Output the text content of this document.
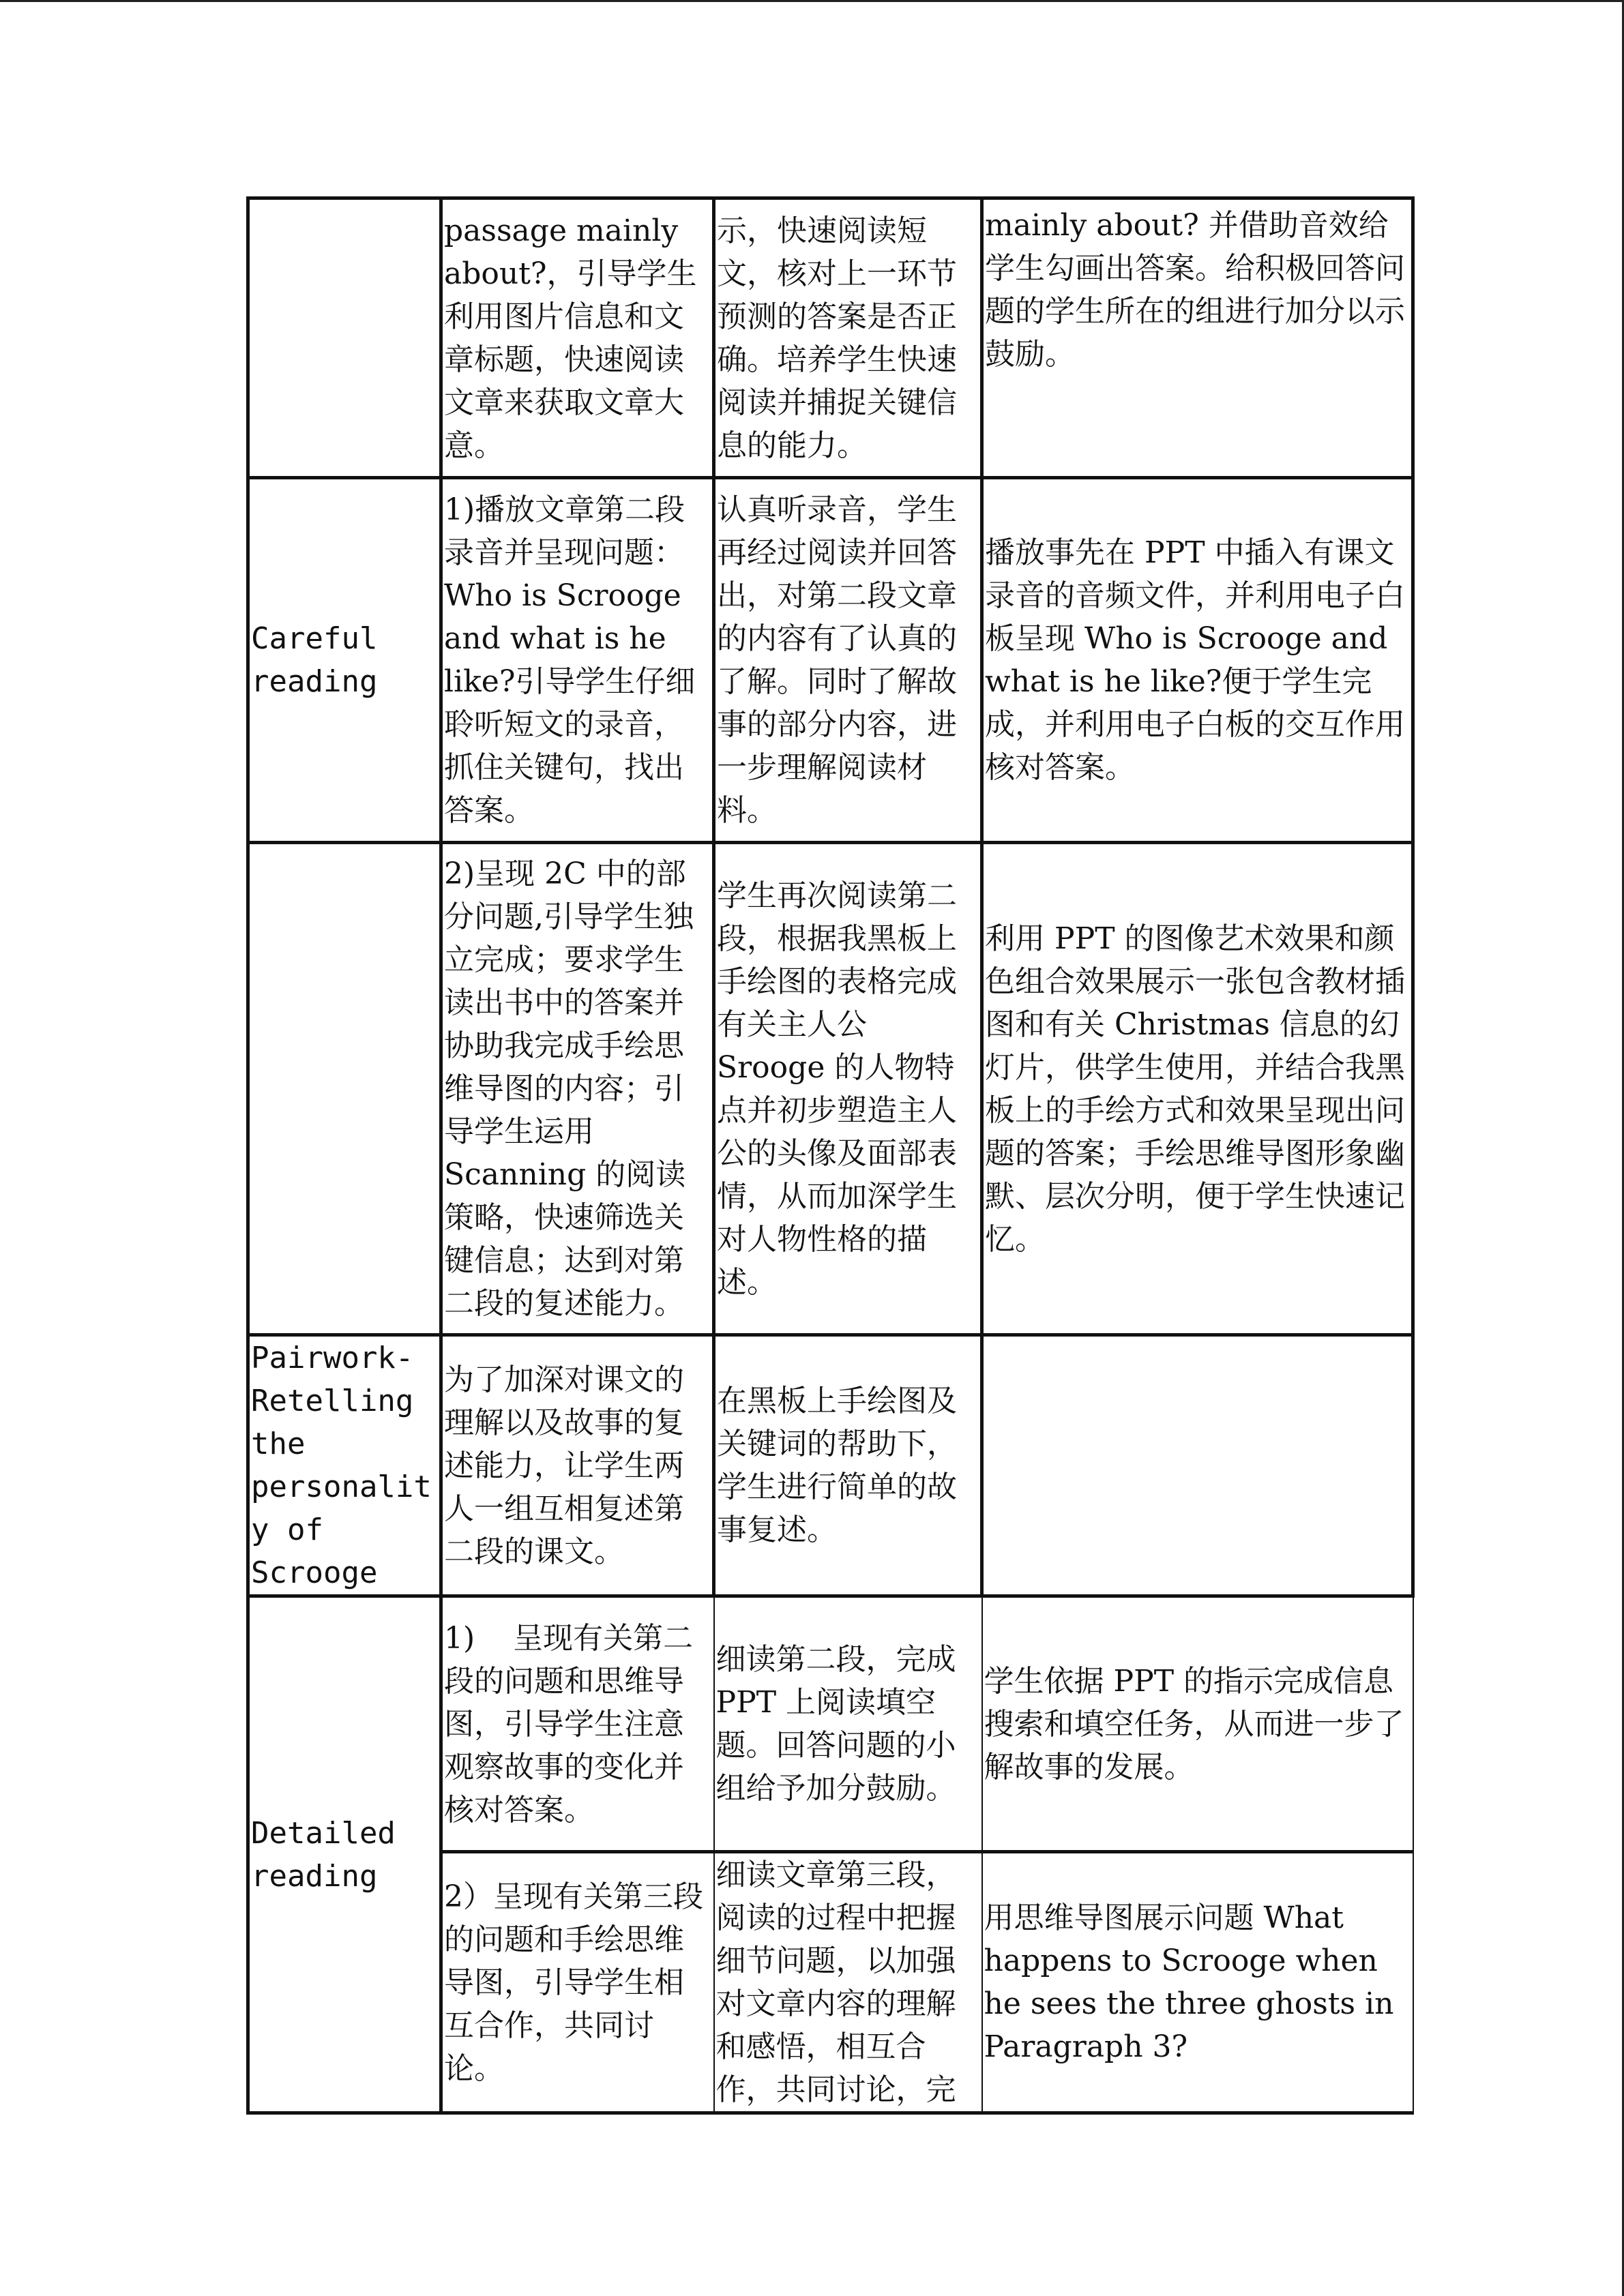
	passage mainly about?，引导学生利用图片信息和文章标题，快速阅读文章来获取文章大意。	示，快速阅读短文，核对上一环节预测的答案是否正确。培养学生快速阅读并捕捉关键信息的能力。	mainly about? 并借助音效给学生勾画出答案。给积极回答问题的学生所在的组进行加分以示鼓励。

Careful reading	1)播放文章第二段录音并呈现问题：Who is Scrooge and what is he like?引导学生仔细聆听短文的录音，抓住关键句，找出答案。	认真听录音，学生再经过阅读并回答出，对第二段文章的内容有了认真的了解。同时了解故事的部分内容，进一步理解阅读材料。	播放事先在 PPT 中插入有课文录音的音频文件，并利用电子白板呈现 Who is Scrooge and what is he like?便于学生完成，并利用电子白板的交互作用核对答案。

	2)呈现 2C 中的部分问题,引导学生独立完成；要求学生读出书中的答案并协助我完成手绘思维导图的内容；引导学生运用 Scanning 的阅读策略，快速筛选关键信息；达到对第二段的复述能力。	学生再次阅读第二段，根据我黑板上手绘图的表格完成有关主人公 Srooge 的人物特点并初步塑造主人公的头像及面部表情，从而加深学生对人物性格的描述。	利用 PPT 的图像艺术效果和颜色组合效果展示一张包含教材插图和有关 Christmas 信息的幻灯片，供学生使用，并结合我黑板上的手绘方式和效果呈现出问题的答案；手绘思维导图形象幽默、层次分明，便于学生快速记忆。

Pairwork-Retelling the personality of Scrooge	为了加深对课文的理解以及故事的复述能力，让学生两人一组互相复述第二段的课文。	在黑板上手绘图及关键词的帮助下，学生进行简单的故事复述。	

Detailed reading	1)    呈现有关第二段的问题和思维导图，引导学生注意观察故事的变化并核对答案。	细读第二段，完成 PPT 上阅读填空题。回答问题的小组给予加分鼓励。	学生依据 PPT 的指示完成信息搜索和填空任务，从而进一步了解故事的发展。

	2）呈现有关第三段的问题和手绘思维导图，引导学生相互合作，共同讨论。	细读文章第三段，阅读的过程中把握细节问题，以加强对文章内容的理解和感悟，相互合作，共同讨论，完	用思维导图展示问题 What happens to Scrooge when he sees the three ghosts in Paragraph 3?
